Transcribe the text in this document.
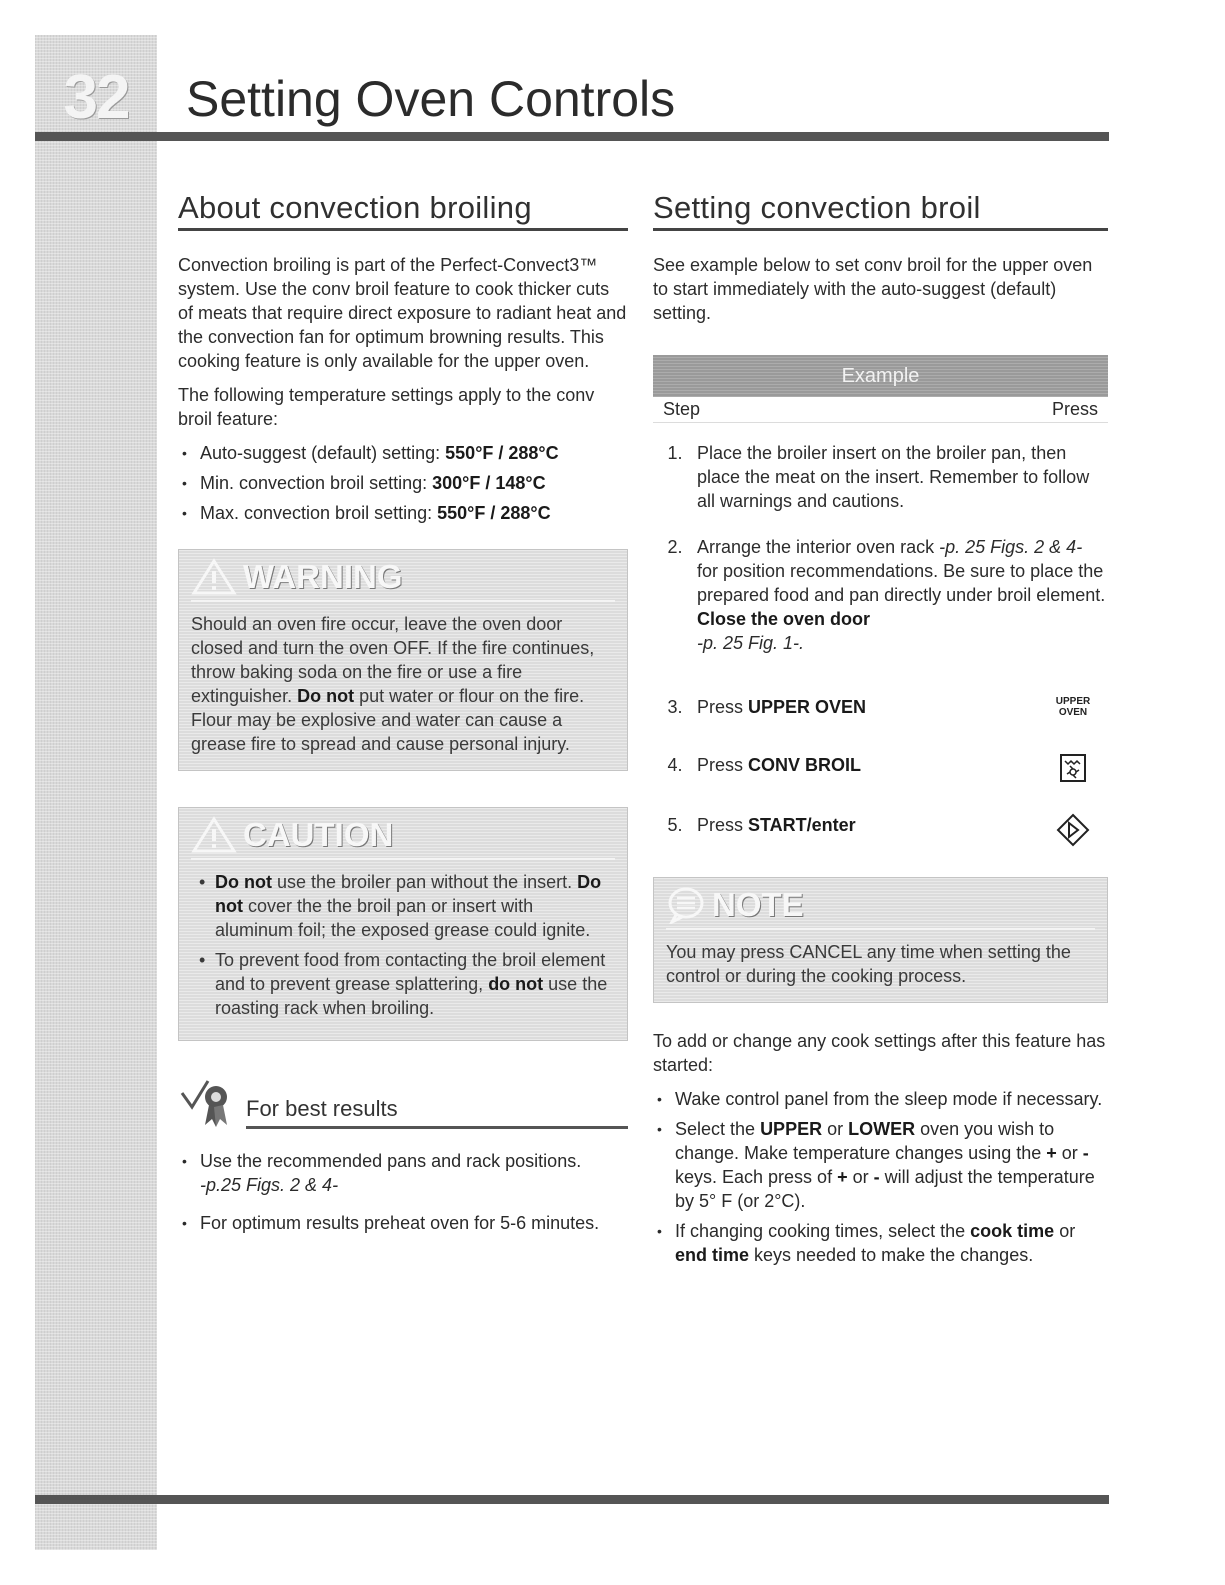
32	Setting Oven Controls
About convection broiling

Convection broiling is part of the Perfect-Convect3™ system. Use the conv broil feature to cook thicker cuts of meats that require direct exposure to radiant heat and the convection fan for optimum browning results. This cooking feature is only available for the upper oven.

The following temperature settings apply to the conv broil feature:

• Auto-suggest (default) setting: 550°F / 288°C
• Min. convection broil setting: 300°F / 148°C
• Max. convection broil setting: 550°F / 288°C
WARNING
Should an oven fire occur, leave the oven door closed and turn the oven OFF. If the fire continues, throw baking soda on the fire or use a fire extinguisher. Do not put water or flour on the fire. Flour may be explosive and water can cause a grease fire to spread and cause personal injury.
CAUTION
• Do not use the broiler pan without the insert. Do not cover the the broil pan or insert with aluminum foil; the exposed grease could ignite.
• To prevent food from contacting the broil element and to prevent grease splattering, do not use the roasting rack when broiling.
For best results
• Use the recommended pans and rack positions.
-p.25 Figs. 2 & 4-
• For optimum results preheat oven for 5-6 minutes.
Setting convection broil

See example below to set conv broil for the upper oven to start immediately with the auto-suggest (default) setting.

Example
Step	Press
1. Place the broiler insert on the broiler pan, then place the meat on the insert. Remember to follow all warnings and cautions.
2. Arrange the interior oven rack -p. 25 Figs. 2 & 4- for position recommendations. Be sure to place the prepared food and pan directly under broil element. Close the oven door
-p. 25 Fig. 1-.
3. Press UPPER OVEN	UPPER
OVEN
4. Press CONV BROIL
5. Press START/enter
NOTE
You may press CANCEL any time when setting the control or during the cooking process.

To add or change any cook settings after this feature has started:

• Wake control panel from the sleep mode if necessary.
• Select the UPPER or LOWER oven you wish to change. Make temperature changes using the + or - keys. Each press of + or - will adjust the temperature by 5° F (or 2°C).
• If changing cooking times, select the cook time or end time keys needed to make the changes.
